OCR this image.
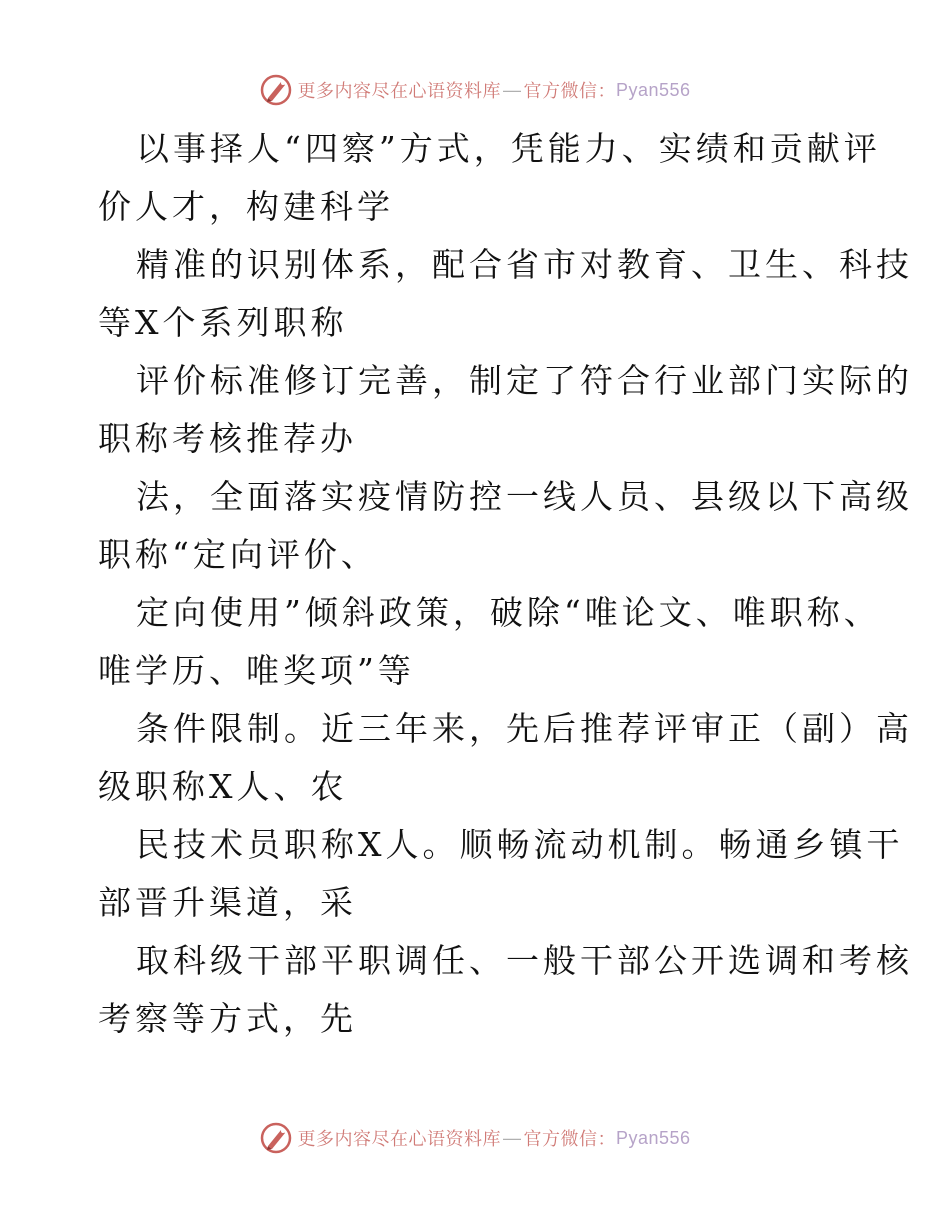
更多内容尽在心语资料库 — 官方微信： Pyan556
以事择人“四察”方式，凭能力、实绩和贡献评
价人才，构建科学
精准的识别体系，配合省市对教育、卫生、科技
等X个系列职称
评价标准修订完善，制定了符合行业部门实际的
职称考核推荐办
法，全面落实疫情防控一线人员、县级以下高级
职称“定向评价、
定向使用”倾斜政策，破除“唯论文、唯职称、
唯学历、唯奖项”等
条件限制。近三年来，先后推荐评审正（副）高
级职称X人、农
民技术员职称X人。顺畅流动机制。畅通乡镇干
部晋升渠道，采
取科级干部平职调任、一般干部公开选调和考核
考察等方式，先
更多内容尽在心语资料库 — 官方微信： Pyan556
